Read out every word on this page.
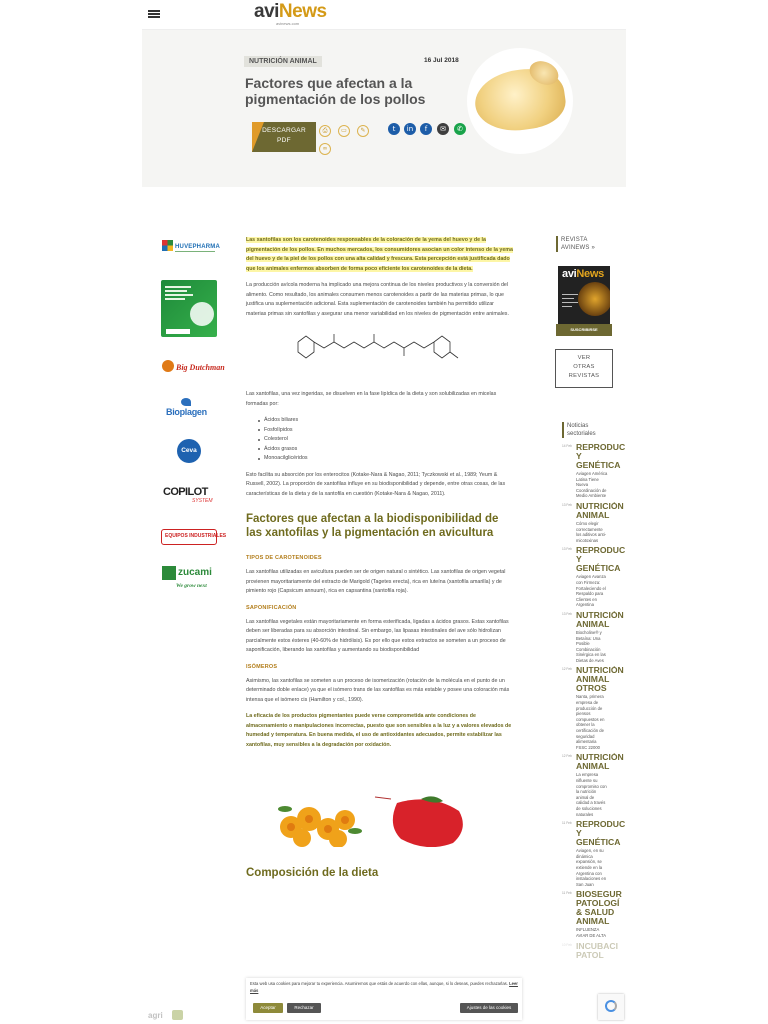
aviNews
avinews.com
NUTRICIÓN ANIMAL	16 Jul 2018
Factores que afectan a la pigmentación de los pollos
DESCARGAR
PDF
⎙	▭	✎
∞
t	in	f	✉	✆
HUVEPHARMA
Big Dutchman
Bioplagen
Ceva
COPILOT
SYSTEM
EQUIPOS INDUSTRIALES
zucami
We grow next

Las xantofilas son los carotenoides responsables de la coloración de la yema del huevo y de la pigmentación de los pollos. En muchos mercados, los consumidores asocian un color intenso de la yema del huevo y de la piel de los pollos con una alta calidad y frescura. Esta percepción está justificada dado que los animales enfermos absorben de forma poco eficiente los carotenoides de la dieta.

La producción avícola moderna ha implicado una mejora continua de los niveles productivos y la conversión del alimento. Como resultado, los animales consumen menos carotenoides a partir de las materias primas, lo que justifica una suplementación adicional. Esta suplementación de carotenoides también ha permitido utilizar materias primas sin xantofilas y asegurar una menor variabilidad en los niveles de pigmentación entre animales.

Las xantofilas, una vez ingeridas, se disuelven en la fase lipídica de la dieta y son solubilizadas en micelas formadas por:

Ácidos biliares
Fosfolípidos
Colesterol
Ácidos grasos
Monoacilglicéridos

Esto facilita su absorción por los enterocitos (Kotake-Nara & Nagao, 2011; Tyczkowski et al., 1989; Yeum & Russell, 2002). La proporción de xantofilas influye en su biodisponibilidad y depende, entre otras cosas, de las características de la dieta y de la xantofila en cuestión (Kotake-Nara & Nagao, 2011).

Factores que afectan a la biodisponibilidad de las xantofilas y la pigmentación en avicultura
TIPOS DE CAROTENOIDES

Las xantofilas utilizadas en avicultura pueden ser de origen natural o sintético. Las xantofilas de origen vegetal provienen mayoritariamente del extracto de Marigold (Tagetes erecta), rica en luteína (xantofila amarilla) y de pimiento rojo (Capsicum annuum), rica en capsantina (xantofila roja).

SAPONIFICACIÓN

Las xantofilas vegetales están mayoritariamente en forma esterificada, ligadas a ácidos grasos. Estas xantofilas deben ser liberadas para su absorción intestinal. Sin embargo, las lipasas intestinales del ave sólo hidrolizan parcialmente estos ésteres (40-60% de hidrólisis). Es por ello que estos extractos se someten a un proceso de saponificación, liberando las xantofilas y aumentando su biodisponibilidad

ISÓMEROS

Asimismo, las xantofilas se someten a un proceso de isomerización (rotación de la molécula en el punto de un determinado doble enlace) ya que el isómero trans de las xantofilas es más estable y posee una coloración más intensa que el isómero cis (Hamilton y col., 1990).

La eficacia de los productos pigmentantes puede verse comprometida ante condiciones de almacenamiento o manipulaciones incorrectas, puesto que son sensibles a la luz y a valores elevados de humedad y temperatura. En buena medida, el uso de antioxidantes adecuados, permite estabilizar las xantofilas, muy sensibles a la degradación por oxidación.

Composición de la dieta
REVISTA
AVINEWS »
aviNews
SUSCRIBIRSE
VER
OTRAS
REVISTAS
Noticias
sectoriales
14 Feb REPRODUC
Y GENÉTICA
Aviagen América
Latina Tiene
Nueva
Coordinación de
Medio Ambiente
13 Feb NUTRICIÓN
ANIMAL
Cómo elegir
correctamente
los aditivos anti-
micotoxinas
13 Feb REPRODUC
Y GENÉTICA
Aviagen Avanza
con Firmeza:
Fortaleciendo el
Respaldo para
Clientes en
Argentina
13 Feb NUTRICIÓN
ANIMAL
Biocholine® y
Betaína: Una
Posible
Combinación
Sinérgica en las
Dietas de Aves
12 Feb NUTRICIÓN
ANIMAL
OTROS
Nanta, primera
empresa de
producción de
piensos
compuestos en
obtener la
certificación de
seguridad
alimentaria
FSSC 22000
12 Feb NUTRICIÓN
ANIMAL
La empresa
nifluente su
compromiso con
la nutrición
animal de
calidad a través
de soluciones
naturales
11 Feb REPRODUC
Y GENÉTICA
Aviagen, en su
dinámica
expansión, se
extiende en la
Argentina con
instalaciones en
San Juan
11 Feb BIOSEGUR
PATOLOGÍ
& SALUD
ANIMAL
INFLUENZA
AVIAR DE ALTA
10 Feb INCUBACI
PATOL
agri
Esta web usa cookies para mejorar tu experiencia. Asumiremos que estás de acuerdo con ellas, aunque, si lo deseas, puedes rechazarlas. Leer más
Aceptar	Rechazar	Ajustes de las cookies
